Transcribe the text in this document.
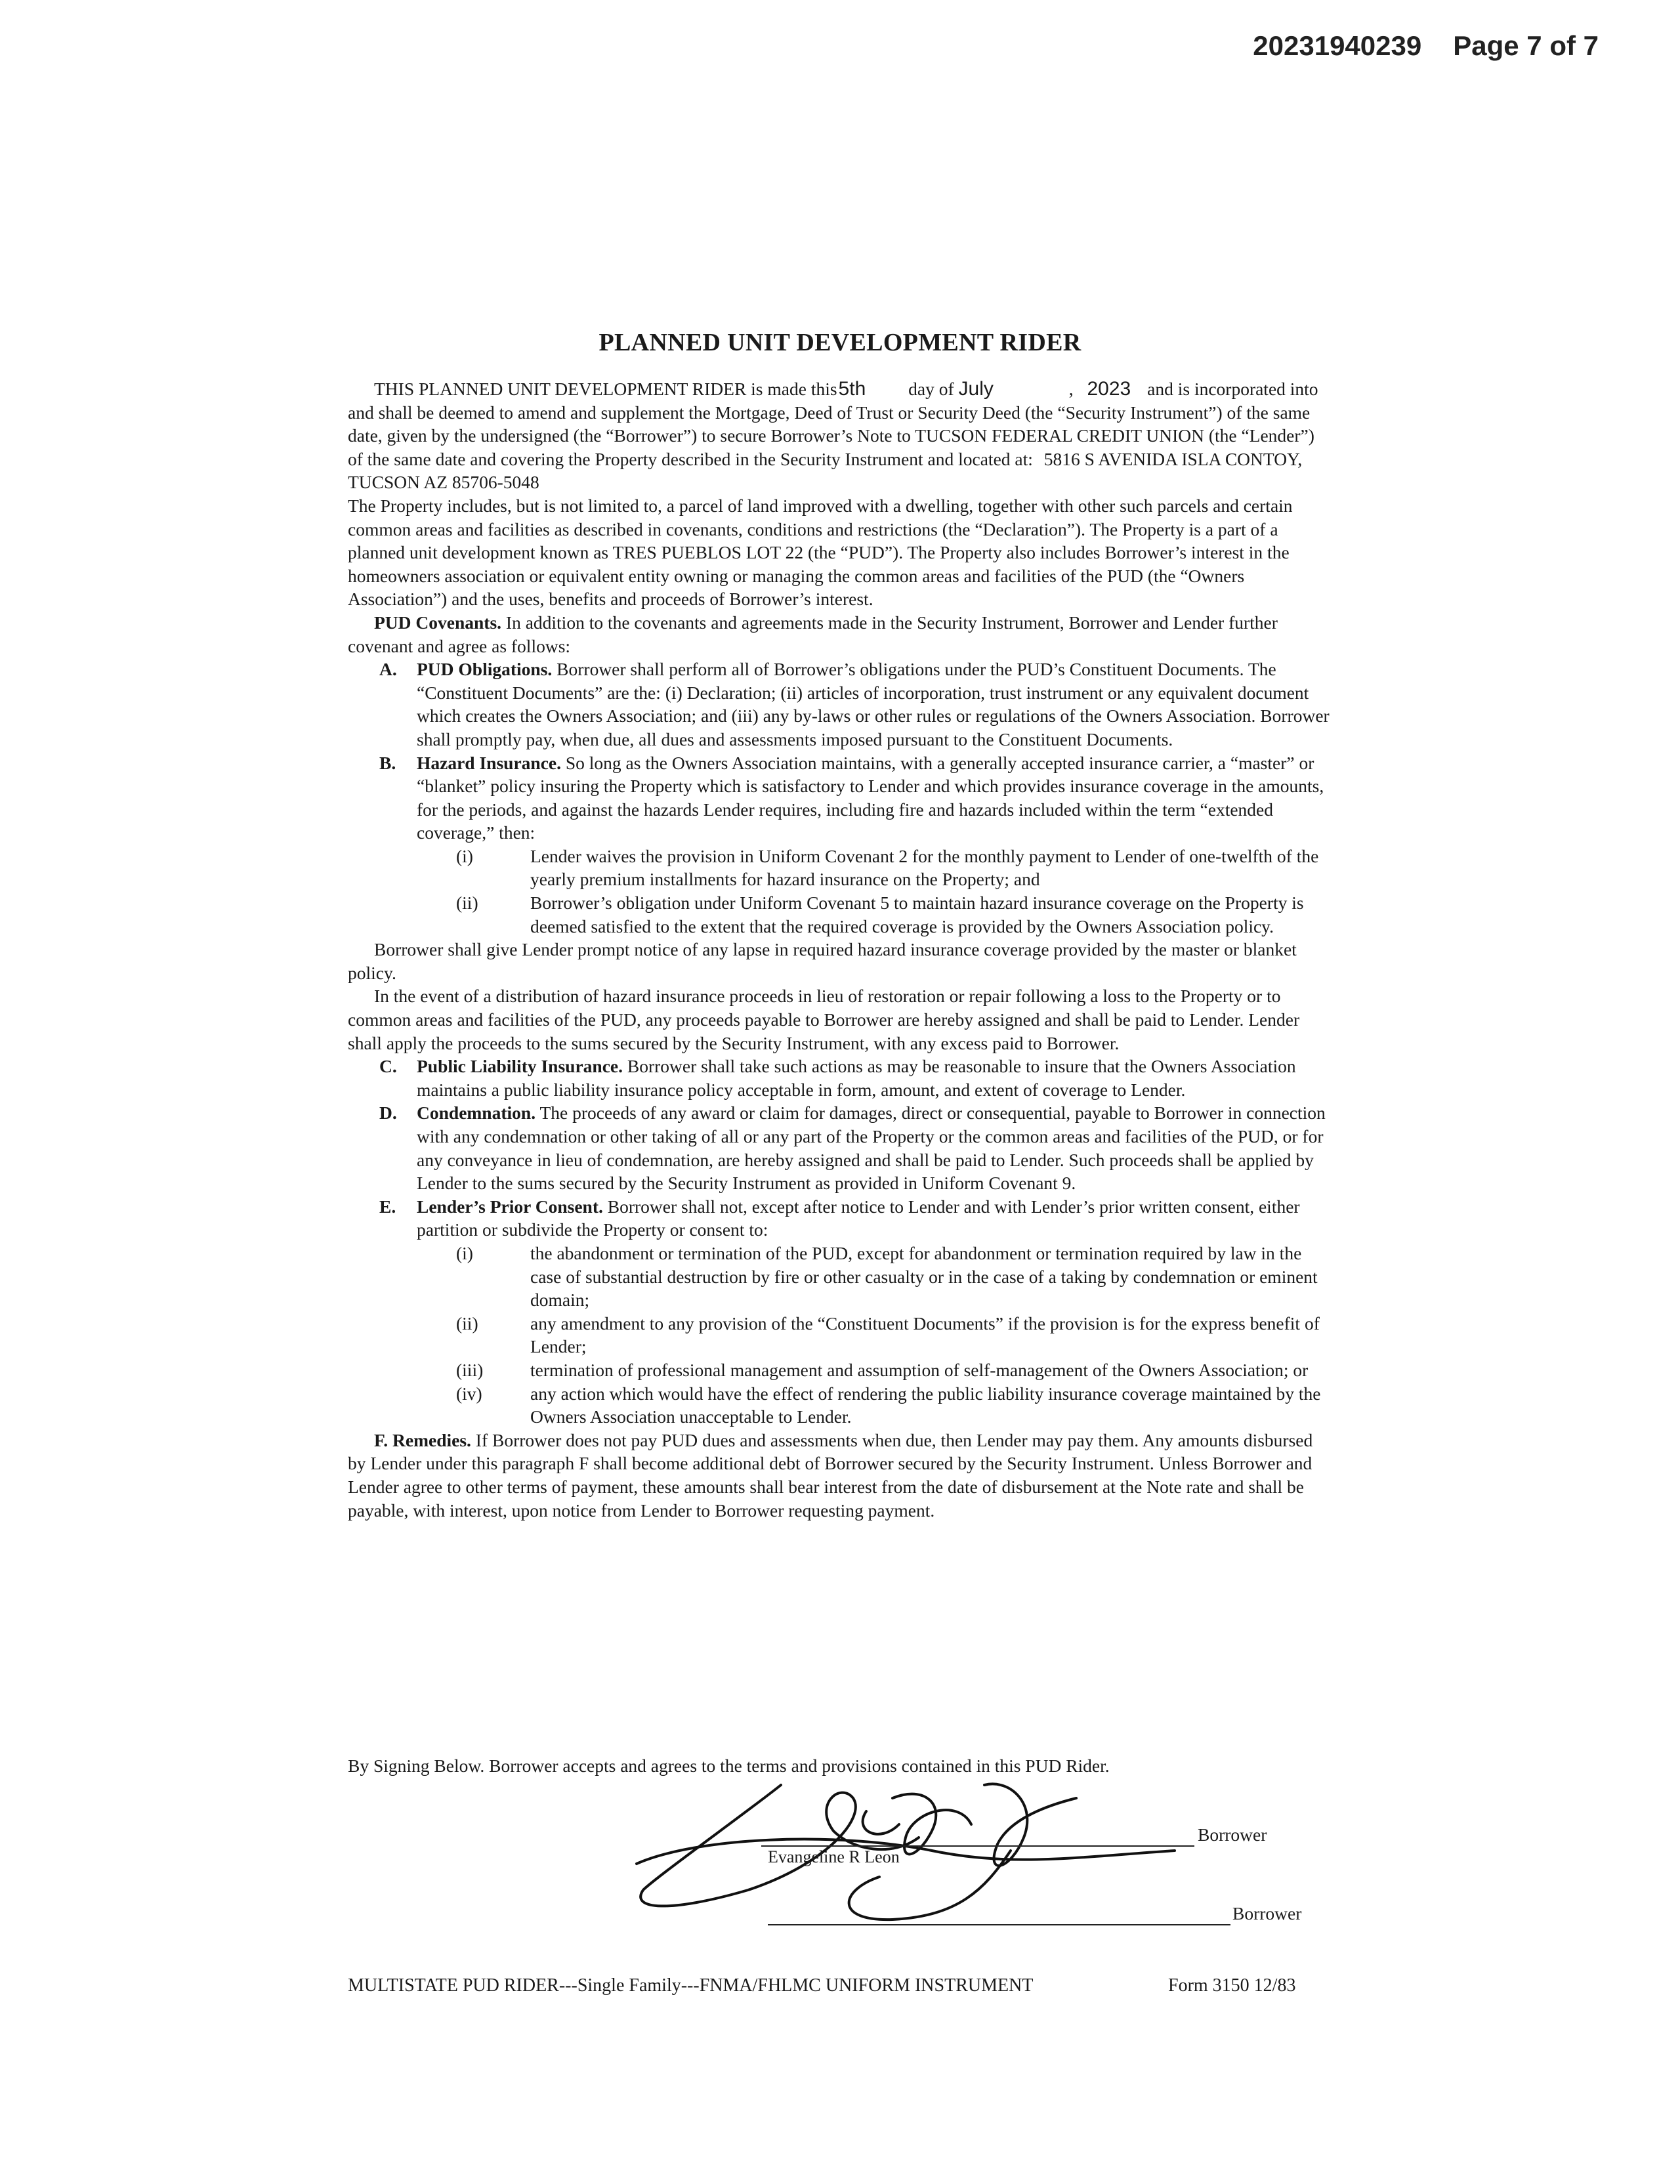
20231940239 Page 7 of 7
PLANNED UNIT DEVELOPMENT RIDER

THIS PLANNED UNIT DEVELOPMENT RIDER is made this5th day of July	, 2023 and is incorporated into and shall be deemed to amend and supplement the Mortgage, Deed of Trust or Security Deed (the “Security Instrument”) of the same date, given by the undersigned (the “Borrower”) to secure Borrower’s Note to TUCSON FEDERAL CREDIT UNION (the “Lender”) of the same date and covering the Property described in the Security Instrument and located at: 5816 S AVENIDA ISLA CONTOY, TUCSON AZ 85706-5048

The Property includes, but is not limited to, a parcel of land improved with a dwelling, together with other such parcels and certain common areas and facilities as described in covenants, conditions and restrictions (the “Declaration”). The Property is a part of a planned unit development known as TRES PUEBLOS LOT 22 (the “PUD”). The Property also includes Borrower’s interest in the homeowners association or equivalent entity owning or managing the common areas and facilities of the PUD (the “Owners Association”) and the uses, benefits and proceeds of Borrower’s interest.

PUD Covenants. In addition to the covenants and agreements made in the Security Instrument, Borrower and Lender further covenant and agree as follows:

A. PUD Obligations. Borrower shall perform all of Borrower’s obligations under the PUD’s Constituent Documents. The “Constituent Documents” are the: (i) Declaration; (ii) articles of incorporation, trust instrument or any equivalent document which creates the Owners Association; and (iii) any by-laws or other rules or regulations of the Owners Association. Borrower shall promptly pay, when due, all dues and assessments imposed pursuant to the Constituent Documents.

B. Hazard Insurance. So long as the Owners Association maintains, with a generally accepted insurance carrier, a “master” or “blanket” policy insuring the Property which is satisfactory to Lender and which provides insurance coverage in the amounts, for the periods, and against the hazards Lender requires, including fire and hazards included within the term “extended coverage,” then:

(i)	Lender waives the provision in Uniform Covenant 2 for the monthly payment to Lender of one-twelfth of the yearly premium installments for hazard insurance on the Property; and

(ii)	Borrower’s obligation under Uniform Covenant 5 to maintain hazard insurance coverage on the Property is deemed satisfied to the extent that the required coverage is provided by the Owners Association policy.

Borrower shall give Lender prompt notice of any lapse in required hazard insurance coverage provided by the master or blanket policy.

In the event of a distribution of hazard insurance proceeds in lieu of restoration or repair following a loss to the Property or to common areas and facilities of the PUD, any proceeds payable to Borrower are hereby assigned and shall be paid to Lender. Lender shall apply the proceeds to the sums secured by the Security Instrument, with any excess paid to Borrower.

C. Public Liability Insurance. Borrower shall take such actions as may be reasonable to insure that the Owners Association maintains a public liability insurance policy acceptable in form, amount, and extent of coverage to Lender.

D. Condemnation. The proceeds of any award or claim for damages, direct or consequential, payable to Borrower in connection with any condemnation or other taking of all or any part of the Property or the common areas and facilities of the PUD, or for any conveyance in lieu of condemnation, are hereby assigned and shall be paid to Lender. Such proceeds shall be applied by Lender to the sums secured by the Security Instrument as provided in Uniform Covenant 9.

E. Lender’s Prior Consent. Borrower shall not, except after notice to Lender and with Lender’s prior written consent, either partition or subdivide the Property or consent to:

(i)	the abandonment or termination of the PUD, except for abandonment or termination required by law in the case of substantial destruction by fire or other casualty or in the case of a taking by condemnation or eminent domain;

(ii)	any amendment to any provision of the “Constituent Documents” if the provision is for the express benefit of Lender;

(iii)	termination of professional management and assumption of self-management of the Owners Association; or

(iv)	any action which would have the effect of rendering the public liability insurance coverage maintained by the Owners Association unacceptable to Lender.

F. Remedies. If Borrower does not pay PUD dues and assessments when due, then Lender may pay them. Any amounts disbursed by Lender under this paragraph F shall become additional debt of Borrower secured by the Security Instrument. Unless Borrower and Lender agree to other terms of payment, these amounts shall bear interest from the date of disbursement at the Note rate and shall be payable, with interest, upon notice from Lender to Borrower requesting payment.

By Signing Below. Borrower accepts and agrees to the terms and provisions contained in this PUD Rider.
Borrower
Evangeline R Leon
Borrower
MULTISTATE PUD RIDER---Single Family---FNMA/FHLMC UNIFORM INSTRUMENT	Form 3150 12/83
